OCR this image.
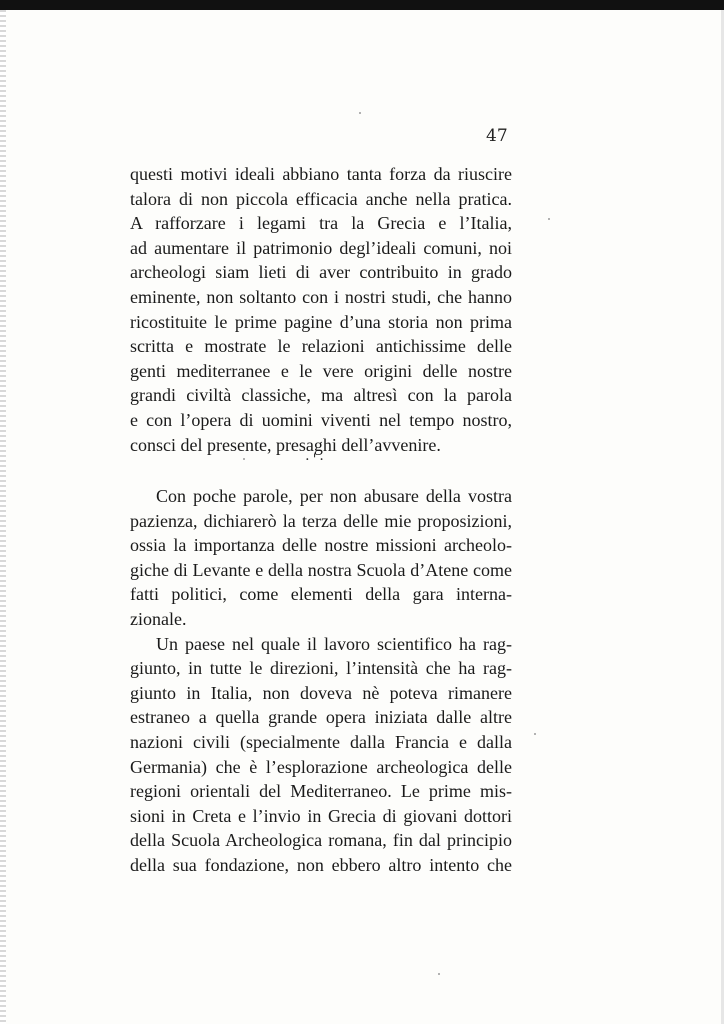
47
questi motivi ideali abbiano tanta forza da riuscire
talora di non piccola efficacia anche nella pratica.
A rafforzare i legami tra la Grecia e l’Italia,
ad aumentare il patrimonio degl’ideali comuni, noi
archeologi siam lieti di aver contribuito in grado
eminente, non soltanto con i nostri studi, che hanno
ricostituite le prime pagine d’una storia non prima
scritta e mostrate le relazioni antichissime delle
genti mediterranee e le vere origini delle nostre
grandi civiltà classiche, ma altresì con la parola
e con l’opera di uomini viventi nel tempo nostro,
consci del presente, presaghi dell’avvenire.
·'·
Con poche parole, per non abusare della vostra
pazienza, dichiarerò la terza delle mie proposizioni,
ossia la importanza delle nostre missioni archeolo-
giche di Levante e della nostra Scuola d’Atene come
fatti politici, come elementi della gara interna-
zionale.
Un paese nel quale il lavoro scientifico ha rag-
giunto, in tutte le direzioni, l’intensità che ha rag-
giunto in Italia, non doveva nè poteva rimanere
estraneo a quella grande opera iniziata dalle altre
nazioni civili (specialmente dalla Francia e dalla
Germania) che è l’esplorazione archeologica delle
regioni orientali del Mediterraneo. Le prime mis-
sioni in Creta e l’invio in Grecia di giovani dottori
della Scuola Archeologica romana, fin dal principio
della sua fondazione, non ebbero altro intento che
